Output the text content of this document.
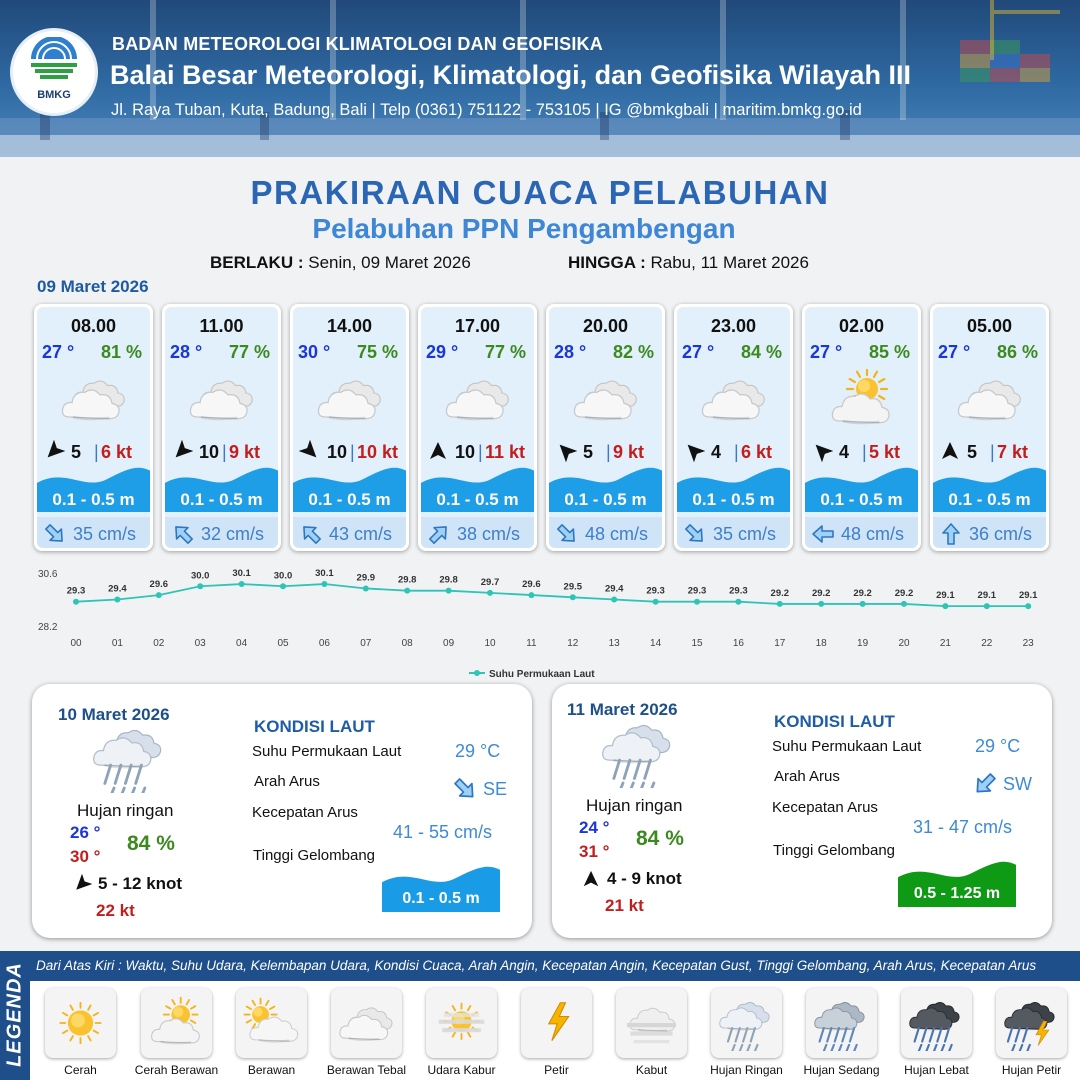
BMKG
BADAN METEOROLOGI KLIMATOLOGI DAN GEOFISIKA
Balai Besar Meteorologi, Klimatologi, dan Geofisika Wilayah III
Jl. Raya Tuban, Kuta, Badung, Bali | Telp (0361) 751122 - 753105 | IG @bmkgbali | maritim.bmkg.go.id
PRAKIRAAN CUACA PELABUHAN
Pelabuhan PPN Pengambengan
BERLAKU : Senin, 09 Maret 2026	HINGGA : Rabu, 11 Maret 2026
09 Maret 2026
08.00
27 ° 81 %
5 | 6 kt
0.1 - 0.5 m
35 cm/s
11.00
28 ° 77 %
10 | 9 kt
0.1 - 0.5 m
32 cm/s
14.00
30 ° 75 %
10 | 10 kt
0.1 - 0.5 m
43 cm/s
17.00
29 ° 77 %
10 | 11 kt
0.1 - 0.5 m
38 cm/s
20.00
28 ° 82 %
5 | 9 kt
0.1 - 0.5 m
48 cm/s
23.00
27 ° 84 %
4 | 6 kt
0.1 - 0.5 m
35 cm/s
02.00
27 ° 85 %
4 | 5 kt
0.1 - 0.5 m
48 cm/s
05.00
27 ° 86 %
5 | 7 kt
0.1 - 0.5 m
36 cm/s
30.6
28.2
29.3
00
29.4
01
29.6
02
30.0
03
30.1
04
30.0
05
30.1
06
29.9
07
29.8
08
29.8
09
29.7
10
29.6
11
29.5
12
29.4
13
29.3
14
29.3
15
29.3
16
29.2
17
29.2
18
29.2
19
29.2
20
29.1
21
29.1
22
29.1
23
Suhu Permukaan Laut
10 Maret 2026
Hujan ringan
26 °
30 °
84 %
5 - 12 knot
22 kt
KONDISI LAUT
Suhu Permukaan Laut	29 °C
Arah Arus	SE
Kecepatan Arus
41 - 55 cm/s
Tinggi Gelombang
0.1 - 0.5 m
11 Maret 2026
Hujan ringan
24 °
31 °
84 %
4 - 9 knot
21 kt
KONDISI LAUT
Suhu Permukaan Laut	29 °C
Arah Arus	SW
Kecepatan Arus
31 - 47 cm/s
Tinggi Gelombang
0.5 - 1.25 m
LEGENDA Dari Atas Kiri : Waktu, Suhu Udara, Kelembapan Udara, Kondisi Cuaca, Arah Angin, Kecepatan Angin, Kecepatan Gust, Tinggi Gelombang, Arah Arus, Kecepatan Arus
Cerah	Cerah Berawan Berawan	Berawan Tebal Udara Kabur	Petir	Kabut	Hujan Ringan Hujan Sedang Hujan Lebat	Hujan Petir
